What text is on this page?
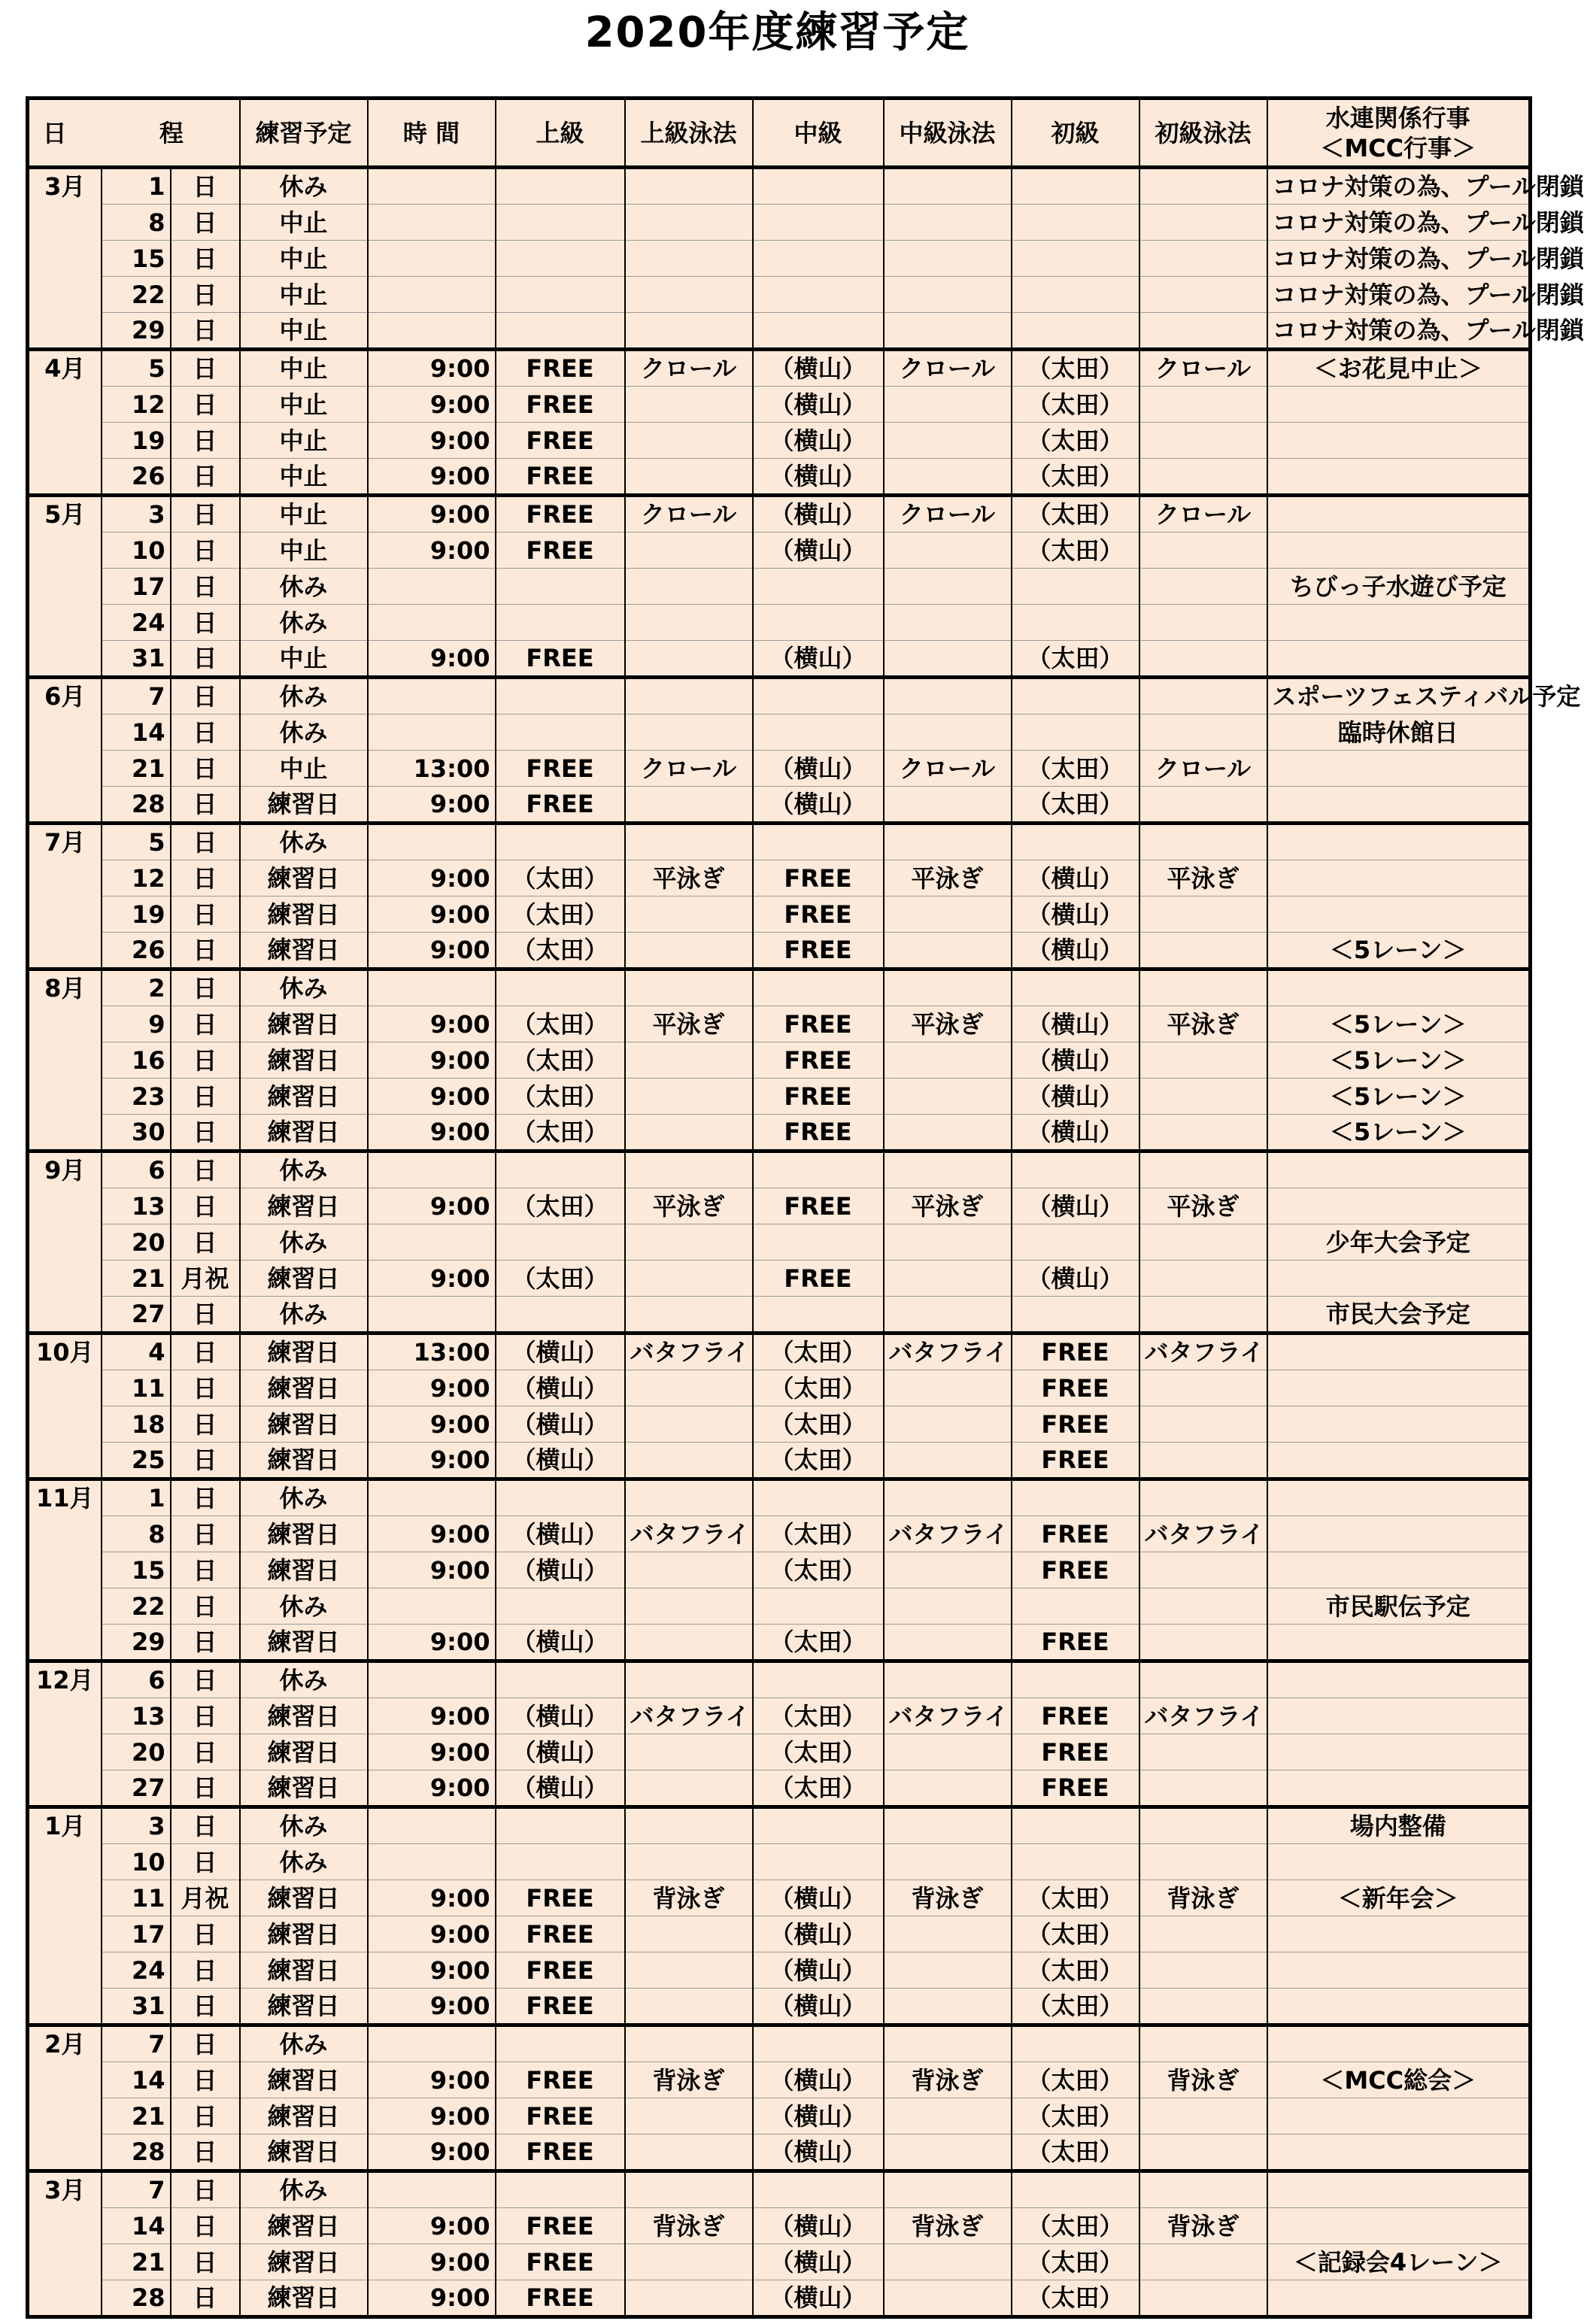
2020年度練習予定
日 程			練習予定	時 間	上級	上級泳法	中級	中級泳法	初級	初級泳法	水連関係行事
＜MCC行事＞

3月	1	日	休み								コロナ対策の為、プール閉鎖
	8	日	中止								コロナ対策の為、プール閉鎖
	15	日	中止								コロナ対策の為、プール閉鎖
	22	日	中止								コロナ対策の為、プール閉鎖
	29	日	中止								コロナ対策の為、プール閉鎖
4月	5	日	中止	9:00	FREE	クロール	（横山）	クロール	（太田）	クロール	＜お花見中止＞
	12	日	中止	9:00	FREE		（横山）		（太田）		
	19	日	中止	9:00	FREE		（横山）		（太田）		
	26	日	中止	9:00	FREE		（横山）		（太田）		
5月	3	日	中止	9:00	FREE	クロール	（横山）	クロール	（太田）	クロール	
	10	日	中止	9:00	FREE		（横山）		（太田）		
	17	日	休み								ちびっ子水遊び予定
	24	日	休み								
	31	日	中止	9:00	FREE		（横山）		（太田）		
6月	7	日	休み								スポーツフェスティバル予定
	14	日	休み								臨時休館日
	21	日	中止	13:00	FREE	クロール	（横山）	クロール	（太田）	クロール	
	28	日	練習日	9:00	FREE		（横山）		（太田）		
7月	5	日	休み								
	12	日	練習日	9:00	（太田）	平泳ぎ	FREE	平泳ぎ	（横山）	平泳ぎ	
	19	日	練習日	9:00	（太田）		FREE		（横山）		
	26	日	練習日	9:00	（太田）		FREE		（横山）		＜5レーン＞
8月	2	日	休み								
	9	日	練習日	9:00	（太田）	平泳ぎ	FREE	平泳ぎ	（横山）	平泳ぎ	＜5レーン＞
	16	日	練習日	9:00	（太田）		FREE		（横山）		＜5レーン＞
	23	日	練習日	9:00	（太田）		FREE		（横山）		＜5レーン＞
	30	日	練習日	9:00	（太田）		FREE		（横山）		＜5レーン＞
9月	6	日	休み								
	13	日	練習日	9:00	（太田）	平泳ぎ	FREE	平泳ぎ	（横山）	平泳ぎ	
	20	日	休み								少年大会予定
	21	月祝	練習日	9:00	（太田）		FREE		（横山）		
	27	日	休み								市民大会予定
10月	4	日	練習日	13:00	（横山）	バタフライ	（太田）	バタフライ	FREE	バタフライ	
	11	日	練習日	9:00	（横山）		（太田）		FREE		
	18	日	練習日	9:00	（横山）		（太田）		FREE		
	25	日	練習日	9:00	（横山）		（太田）		FREE		
11月	1	日	休み								
	8	日	練習日	9:00	（横山）	バタフライ	（太田）	バタフライ	FREE	バタフライ	
	15	日	練習日	9:00	（横山）		（太田）		FREE		
	22	日	休み								市民駅伝予定
	29	日	練習日	9:00	（横山）		（太田）		FREE		
12月	6	日	休み								
	13	日	練習日	9:00	（横山）	バタフライ	（太田）	バタフライ	FREE	バタフライ	
	20	日	練習日	9:00	（横山）		（太田）		FREE		
	27	日	練習日	9:00	（横山）		（太田）		FREE		
1月	3	日	休み								場内整備
	10	日	休み								
	11	月祝	練習日	9:00	FREE	背泳ぎ	（横山）	背泳ぎ	（太田）	背泳ぎ	＜新年会＞
	17	日	練習日	9:00	FREE		（横山）		（太田）		
	24	日	練習日	9:00	FREE		（横山）		（太田）		
	31	日	練習日	9:00	FREE		（横山）		（太田）		
2月	7	日	休み								
	14	日	練習日	9:00	FREE	背泳ぎ	（横山）	背泳ぎ	（太田）	背泳ぎ	＜MCC総会＞
	21	日	練習日	9:00	FREE		（横山）		（太田）		
	28	日	練習日	9:00	FREE		（横山）		（太田）		
3月	7	日	休み								
	14	日	練習日	9:00	FREE	背泳ぎ	（横山）	背泳ぎ	（太田）	背泳ぎ	
	21	日	練習日	9:00	FREE		（横山）		（太田）		＜記録会4レーン＞
	28	日	練習日	9:00	FREE		（横山）		（太田）		
